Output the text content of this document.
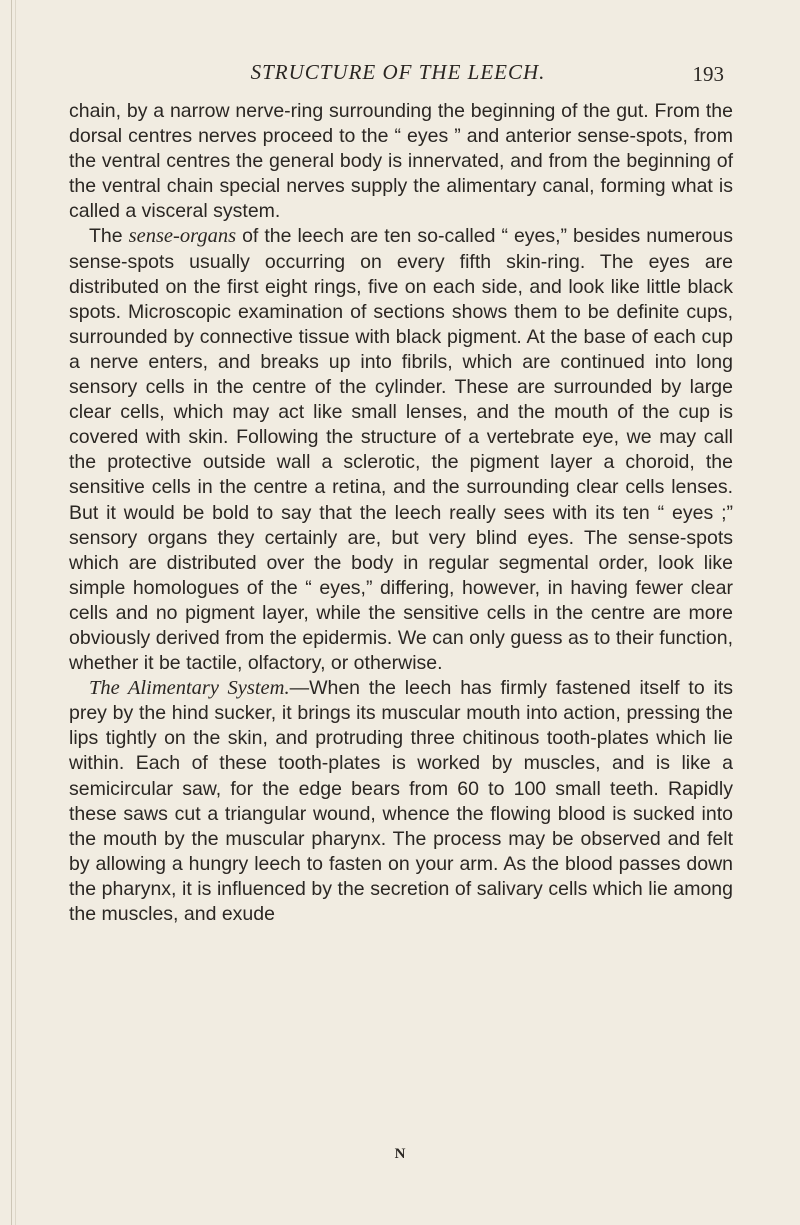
STRUCTURE OF THE LEECH.	193

chain, by a narrow nerve-ring surrounding the beginning of the gut. From the dorsal centres nerves proceed to the “ eyes ” and anterior sense-spots, from the ventral centres the general body is innervated, and from the beginning of the ventral chain special nerves supply the alimentary canal, forming what is called a visceral system.

The sense-organs of the leech are ten so-called “ eyes,” besides numerous sense-spots usually occurring on every fifth skin-ring. The eyes are distributed on the first eight rings, five on each side, and look like little black spots. Microscopic examination of sections shows them to be definite cups, surrounded by connective tissue with black pigment. At the base of each cup a nerve enters, and breaks up into fibrils, which are continued into long sensory cells in the centre of the cylinder. These are surrounded by large clear cells, which may act like small lenses, and the mouth of the cup is covered with skin. Following the structure of a vertebrate eye, we may call the protective outside wall a sclerotic, the pigment layer a choroid, the sensitive cells in the centre a retina, and the surrounding clear cells lenses. But it would be bold to say that the leech really sees with its ten “ eyes ;” sensory organs they certainly are, but very blind eyes. The sense-spots which are distributed over the body in regular segmental order, look like simple homologues of the “ eyes,” differing, however, in having fewer clear cells and no pigment layer, while the sensitive cells in the centre are more obviously derived from the epidermis. We can only guess as to their function, whether it be tactile, olfactory, or otherwise.

The Alimentary System.—When the leech has firmly fastened itself to its prey by the hind sucker, it brings its muscular mouth into action, pressing the lips tightly on the skin, and protruding three chitinous tooth-plates which lie within. Each of these tooth-plates is worked by muscles, and is like a semicircular saw, for the edge bears from 60 to 100 small teeth. Rapidly these saws cut a triangular wound, whence the flowing blood is sucked into the mouth by the muscular pharynx. The process may be observed and felt by allowing a hungry leech to fasten on your arm. As the blood passes down the pharynx, it is influenced by the secretion of salivary cells which lie among the muscles, and exude

N
